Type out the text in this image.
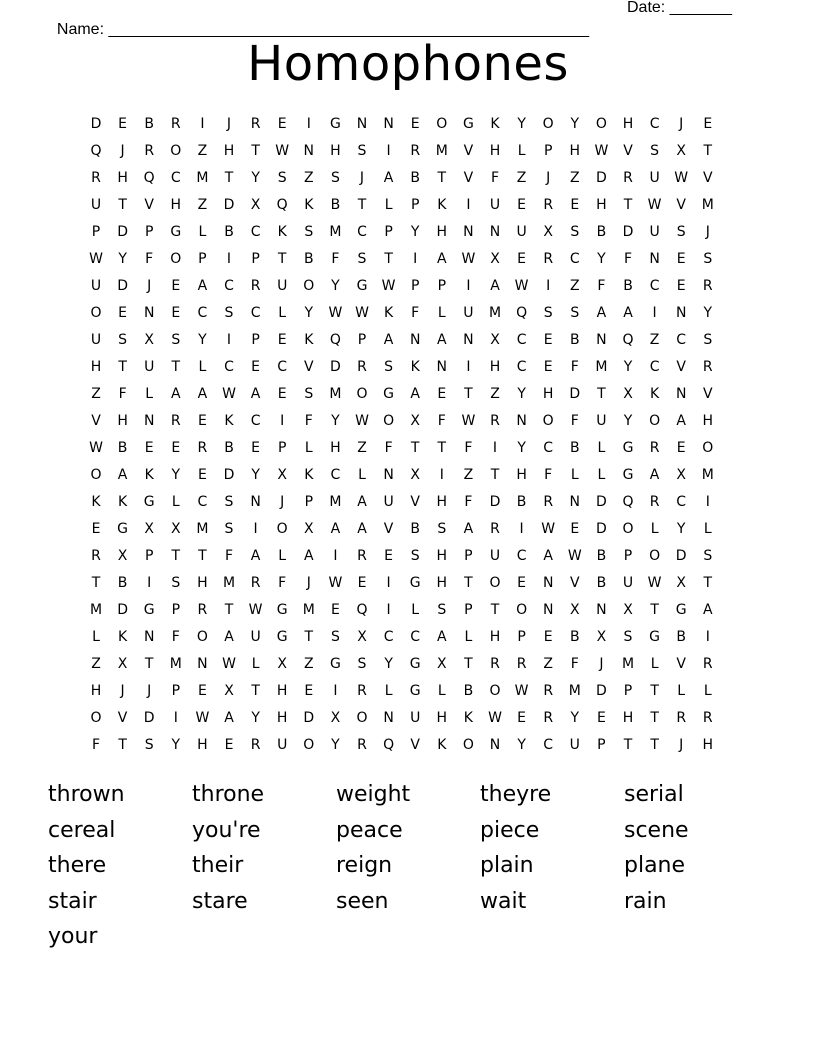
Name: ______________________________________________________

Date: _______

Homophones
D	E	B	R	I	J	R	E	I	G	N	N	E	O	G	K	Y	O	Y	O	H	C	J	E
Q	J	R	O	Z	H	T	W	N	H	S	I	R	M	V	H	L	P	H	W	V	S	X	T
R	H	Q	C	M	T	Y	S	Z	S	J	A	B	T	V	F	Z	J	Z	D	R	U	W	V
U	T	V	H	Z	D	X	Q	K	B	T	L	P	K	I	U	E	R	E	H	T	W	V	M
P	D	P	G	L	B	C	K	S	M	C	P	Y	H	N	N	U	X	S	B	D	U	S	J
W	Y	F	O	P	I	P	T	B	F	S	T	I	A	W	X	E	R	C	Y	F	N	E	S
U	D	J	E	A	C	R	U	O	Y	G	W	P	P	I	A	W	I	Z	F	B	C	E	R
O	E	N	E	C	S	C	L	Y	W W	K	F	L	U	M	Q	S	S	A	A	I	N	Y
U	S	X	S	Y	I	P	E	K	Q	P	A	N	A	N	X	C	E	B	N	Q	Z	C	S
H	T	U	T	L	C	E	C	V	D	R	S	K	N	I	H	C	E	F	M	Y	C	V	R
Z	F	L	A	A	W	A	E	S	M	O	G	A	E	T	Z	Y	H	D	T	X	K	N	V
V	H	N	R	E	K	C	I	F	Y	W	O	X	F	W	R	N	O	F	U	Y	O	A	H
W	B	E	E	R	B	E	P	L	H	Z	F	T	T	F	I	Y	C	B	L	G	R	E	O
O	A	K	Y	E	D	Y	X	K	C	L	N	X	I	Z	T	H	F	L	L	G	A	X	M
K	K	G	L	C	S	N	J	P	M	A	U	V	H	F	D	B	R	N	D	Q	R	C	I
E	G	X	X	M	S	I	O	X	A	A	V	B	S	A	R	I	W	E	D	O	L	Y	L
R	X	P	T	T	F	A	L	A	I	R	E	S	H	P	U	C	A	W	B	P	O	D	S
T	B	I	S	H	M	R	F	J	W	E	I	G	H	T	O	E	N	V	B	U	W	X	T
M	D	G	P	R	T	W	G	M	E	Q	I	L	S	P	T	O	N	X	N	X	T	G	A
L	K	N	F	O	A	U	G	T	S	X	C	C	A	L	H	P	E	B	X	S	G	B	I
Z	X	T	M	N	W	L	X	Z	G	S	Y	G	X	T	R	R	Z	F	J	M	L	V	R
H	J	J	P	E	X	T	H	E	I	R	L	G	L	B	O	W	R	M	D	P	T	L	L
O	V	D	I	W	A	Y	H	D	X	O	N	U	H	K	W	E	R	Y	E	H	T	R	R
F	T	S	Y	H	E	R	U	O	Y	R	Q	V	K	O	N	Y	C	U	P	T	T	J	H
thrown	throne	weight	theyre	serial
cereal	you're	peace	piece	scene
there	their	reign	plain	plane
stair	stare	seen	wait	rain
your
